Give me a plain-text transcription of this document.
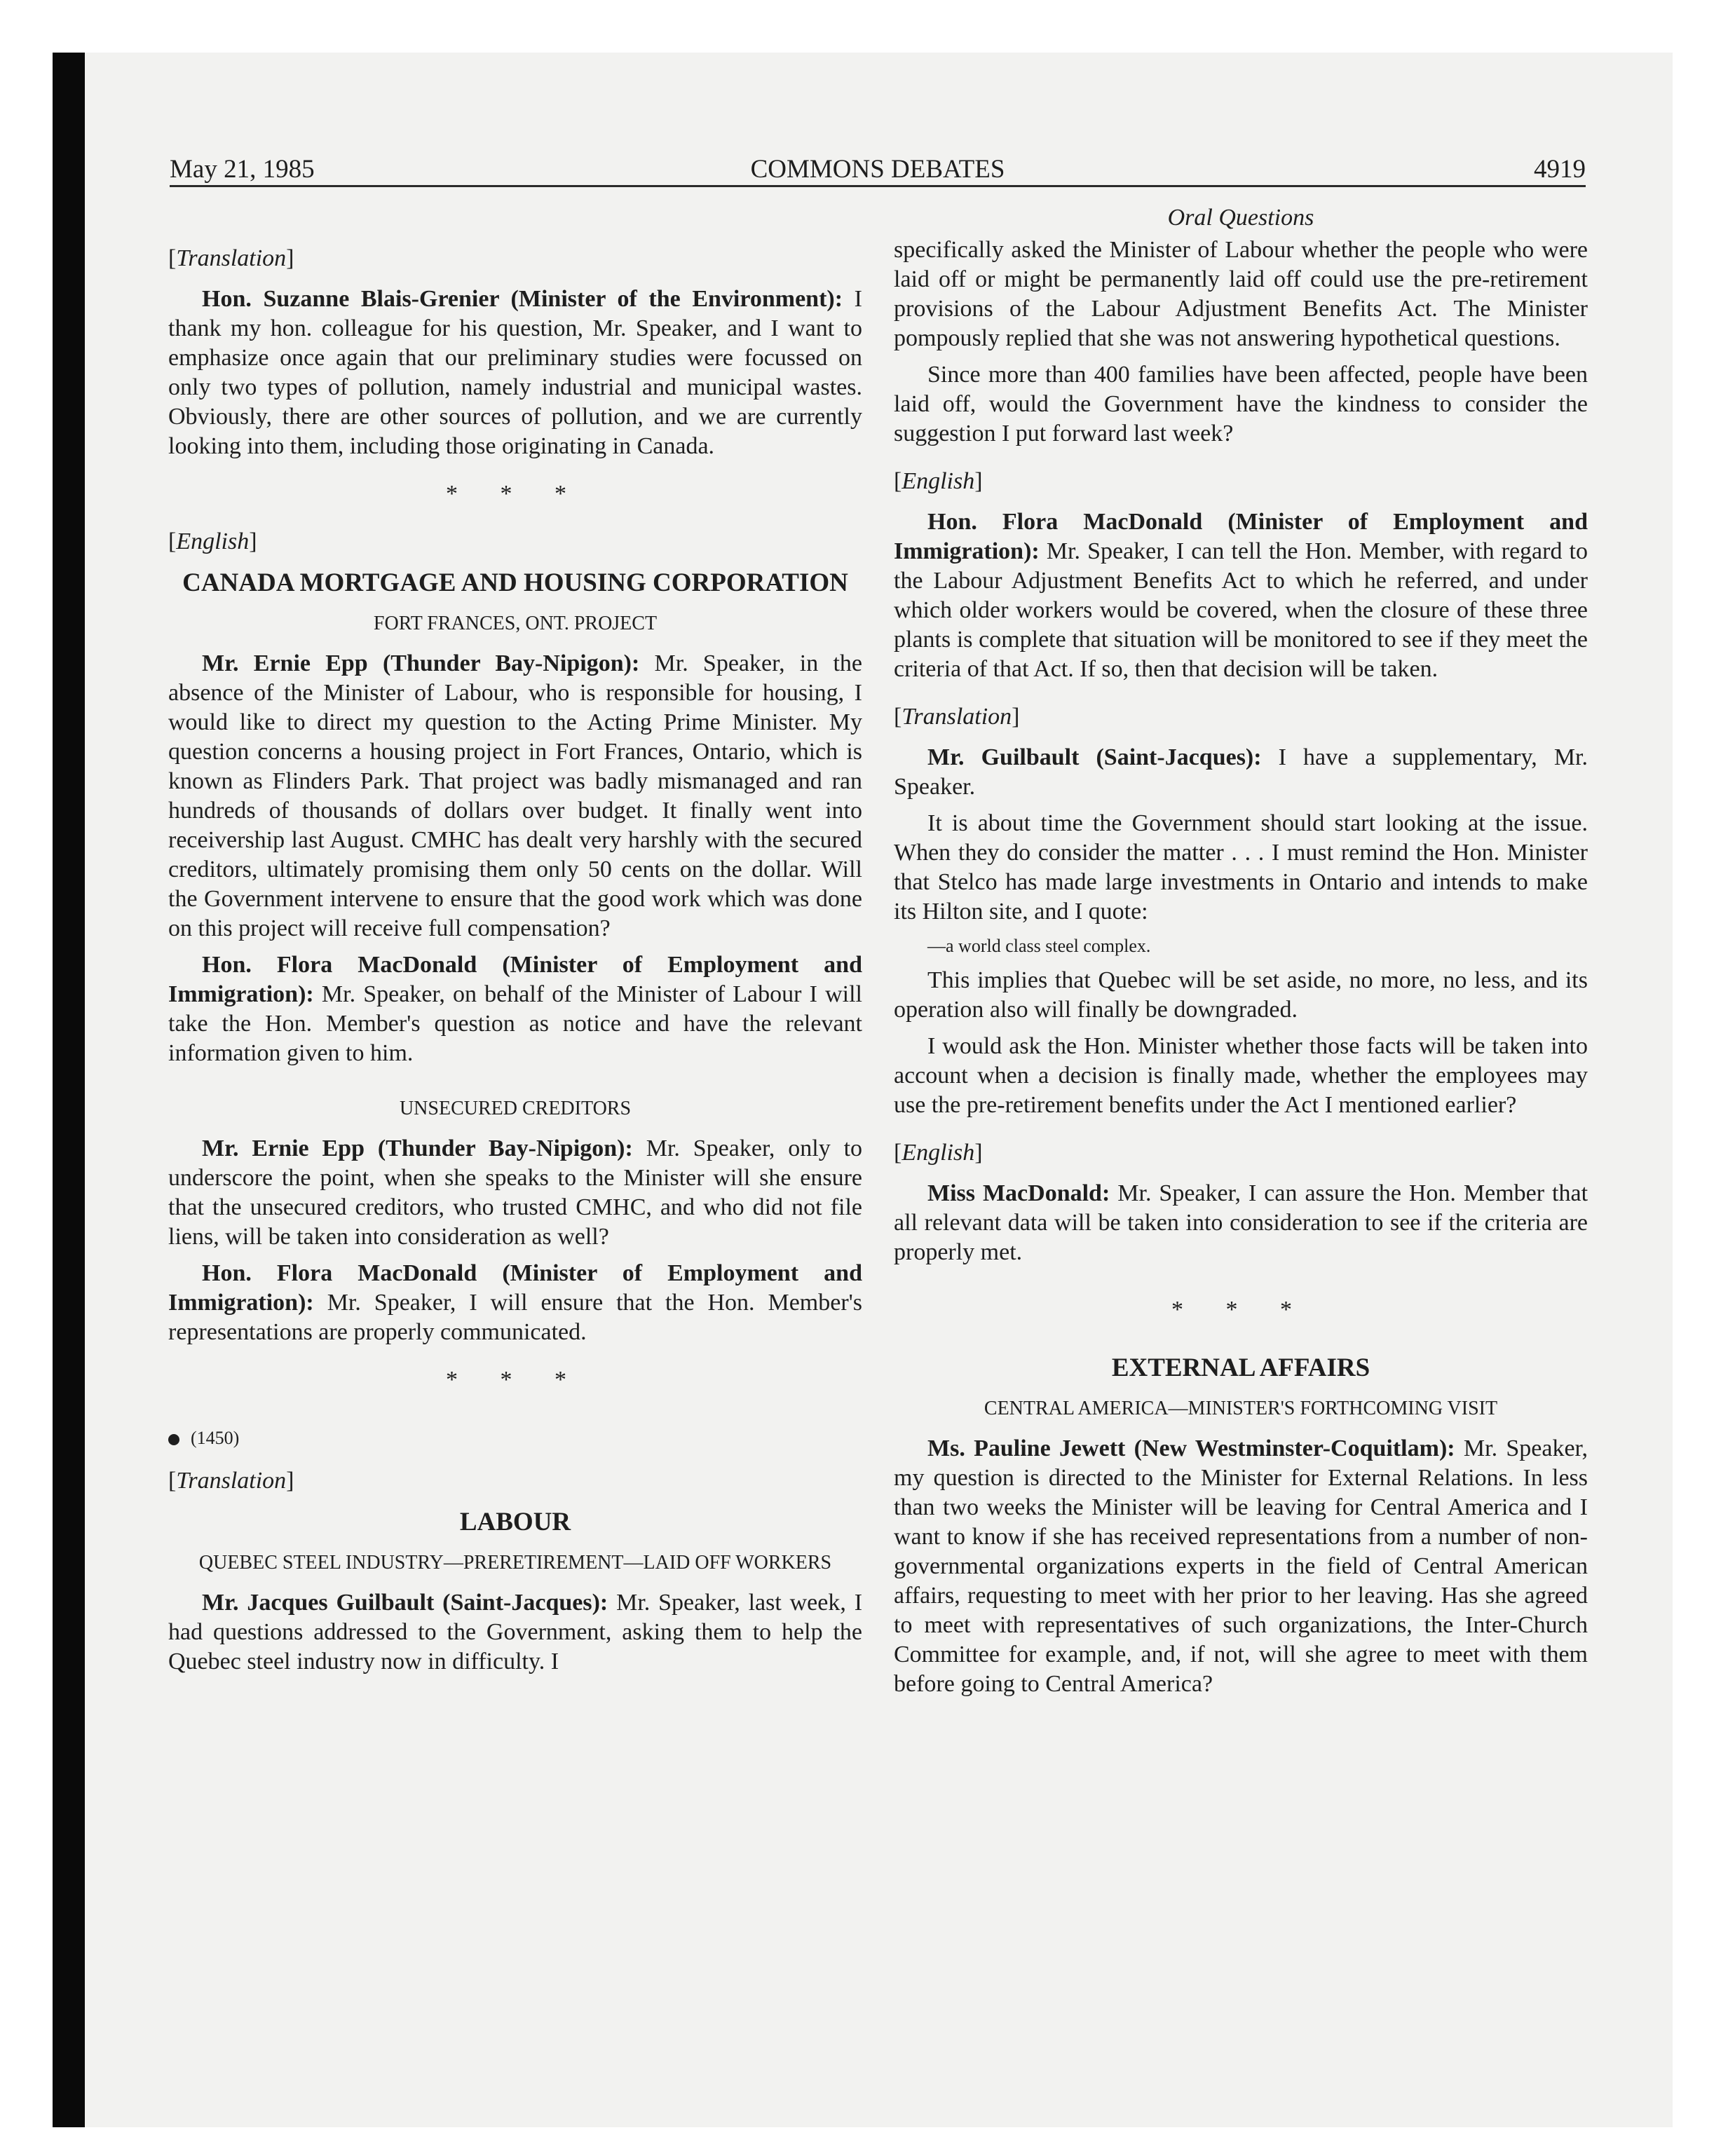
May 21, 1985	COMMONS DEBATES	4919
[Translation]

Hon. Suzanne Blais-Grenier (Minister of the Environment): I thank my hon. colleague for his question, Mr. Speaker, and I want to emphasize once again that our preliminary studies were focussed on only two types of pollution, namely industrial and municipal wastes. Obviously, there are other sources of pollution, and we are currently looking into them, including those originating in Canada.

* * *
[English]
CANADA MORTGAGE AND HOUSING CORPORATION
FORT FRANCES, ONT. PROJECT

Mr. Ernie Epp (Thunder Bay-Nipigon): Mr. Speaker, in the absence of the Minister of Labour, who is responsible for housing, I would like to direct my question to the Acting Prime Minister. My question concerns a housing project in Fort Frances, Ontario, which is known as Flinders Park. That project was badly mismanaged and ran hundreds of thousands of dollars over budget. It finally went into receivership last August. CMHC has dealt very harshly with the secured creditors, ultimately promising them only 50 cents on the dollar. Will the Government intervene to ensure that the good work which was done on this project will receive full compensation?

Hon. Flora MacDonald (Minister of Employment and Immigration): Mr. Speaker, on behalf of the Minister of Labour I will take the Hon. Member's question as notice and have the relevant information given to him.

UNSECURED CREDITORS

Mr. Ernie Epp (Thunder Bay-Nipigon): Mr. Speaker, only to underscore the point, when she speaks to the Minister will she ensure that the unsecured creditors, who trusted CMHC, and who did not file liens, will be taken into consideration as well?

Hon. Flora MacDonald (Minister of Employment and Immigration): Mr. Speaker, I will ensure that the Hon. Member's representations are properly communicated.

* * *
(1450)
[Translation]
LABOUR
QUEBEC STEEL INDUSTRY—PRERETIREMENT—LAID OFF WORKERS

Mr. Jacques Guilbault (Saint-Jacques): Mr. Speaker, last week, I had questions addressed to the Government, asking them to help the Quebec steel industry now in difficulty. I

Oral Questions

specifically asked the Minister of Labour whether the people who were laid off or might be permanently laid off could use the pre-retirement provisions of the Labour Adjustment Benefits Act. The Minister pompously replied that she was not answering hypothetical questions.

Since more than 400 families have been affected, people have been laid off, would the Government have the kindness to consider the suggestion I put forward last week?

[English]

Hon. Flora MacDonald (Minister of Employment and Immigration): Mr. Speaker, I can tell the Hon. Member, with regard to the Labour Adjustment Benefits Act to which he referred, and under which older workers would be covered, when the closure of these three plants is complete that situation will be monitored to see if they meet the criteria of that Act. If so, then that decision will be taken.

[Translation]

Mr. Guilbault (Saint-Jacques): I have a supplementary, Mr. Speaker.

It is about time the Government should start looking at the issue. When they do consider the matter . . . I must remind the Hon. Minister that Stelco has made large investments in Ontario and intends to make its Hilton site, and I quote:

—a world class steel complex.

This implies that Quebec will be set aside, no more, no less, and its operation also will finally be downgraded.

I would ask the Hon. Minister whether those facts will be taken into account when a decision is finally made, whether the employees may use the pre-retirement benefits under the Act I mentioned earlier?

[English]

Miss MacDonald: Mr. Speaker, I can assure the Hon. Member that all relevant data will be taken into consideration to see if the criteria are properly met.

* * *
EXTERNAL AFFAIRS
CENTRAL AMERICA—MINISTER'S FORTHCOMING VISIT

Ms. Pauline Jewett (New Westminster-Coquitlam): Mr. Speaker, my question is directed to the Minister for External Relations. In less than two weeks the Minister will be leaving for Central America and I want to know if she has received representations from a number of non-governmental organizations experts in the field of Central American affairs, requesting to meet with her prior to her leaving. Has she agreed to meet with representatives of such organizations, the Inter-Church Committee for example, and, if not, will she agree to meet with them before going to Central America?
